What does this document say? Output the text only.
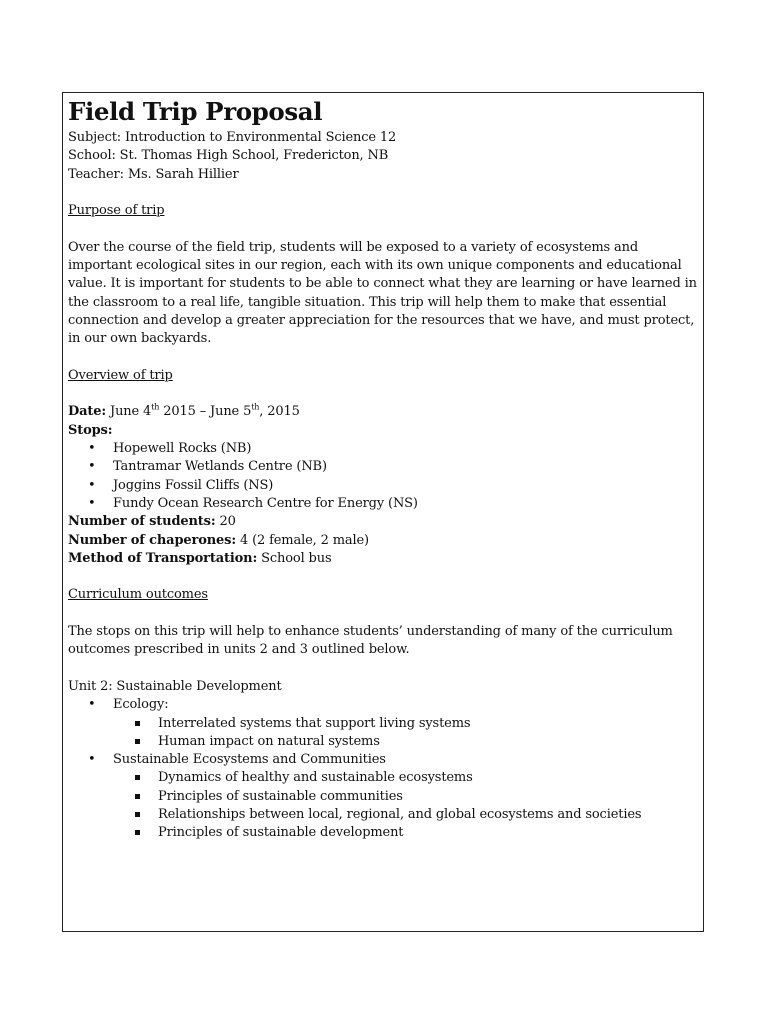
Field Trip Proposal

Subject: Introduction to Environmental Science 12

School: St. Thomas High School, Fredericton, NB

Teacher: Ms. Sarah Hillier

Purpose of trip

Over the course of the field trip, students will be exposed to a variety of ecosystems and important ecological sites in our region, each with its own unique components and educational value. It is important for students to be able to connect what they are learning or have learned in the classroom to a real life, tangible situation. This trip will help them to make that essential connection and develop a greater appreciation for the resources that we have, and must protect, in our own backyards.

Overview of trip

Date: June 4th 2015 – June 5th, 2015

Stops:

• Hopewell Rocks (NB)
• Tantramar Wetlands Centre (NB)
• Joggins Fossil Cliffs (NS)
• Fundy Ocean Research Centre for Energy (NS)

Number of students: 20

Number of chaperones: 4 (2 female, 2 male)

Method of Transportation: School bus

Curriculum outcomes

The stops on this trip will help to enhance students’ understanding of many of the curriculum outcomes prescribed in units 2 and 3 outlined below.

Unit 2: Sustainable Development

• Ecology:
Interrelated systems that support living systems
Human impact on natural systems
• Sustainable Ecosystems and Communities
Dynamics of healthy and sustainable ecosystems
Principles of sustainable communities
Relationships between local, regional, and global ecosystems and societies
Principles of sustainable development
